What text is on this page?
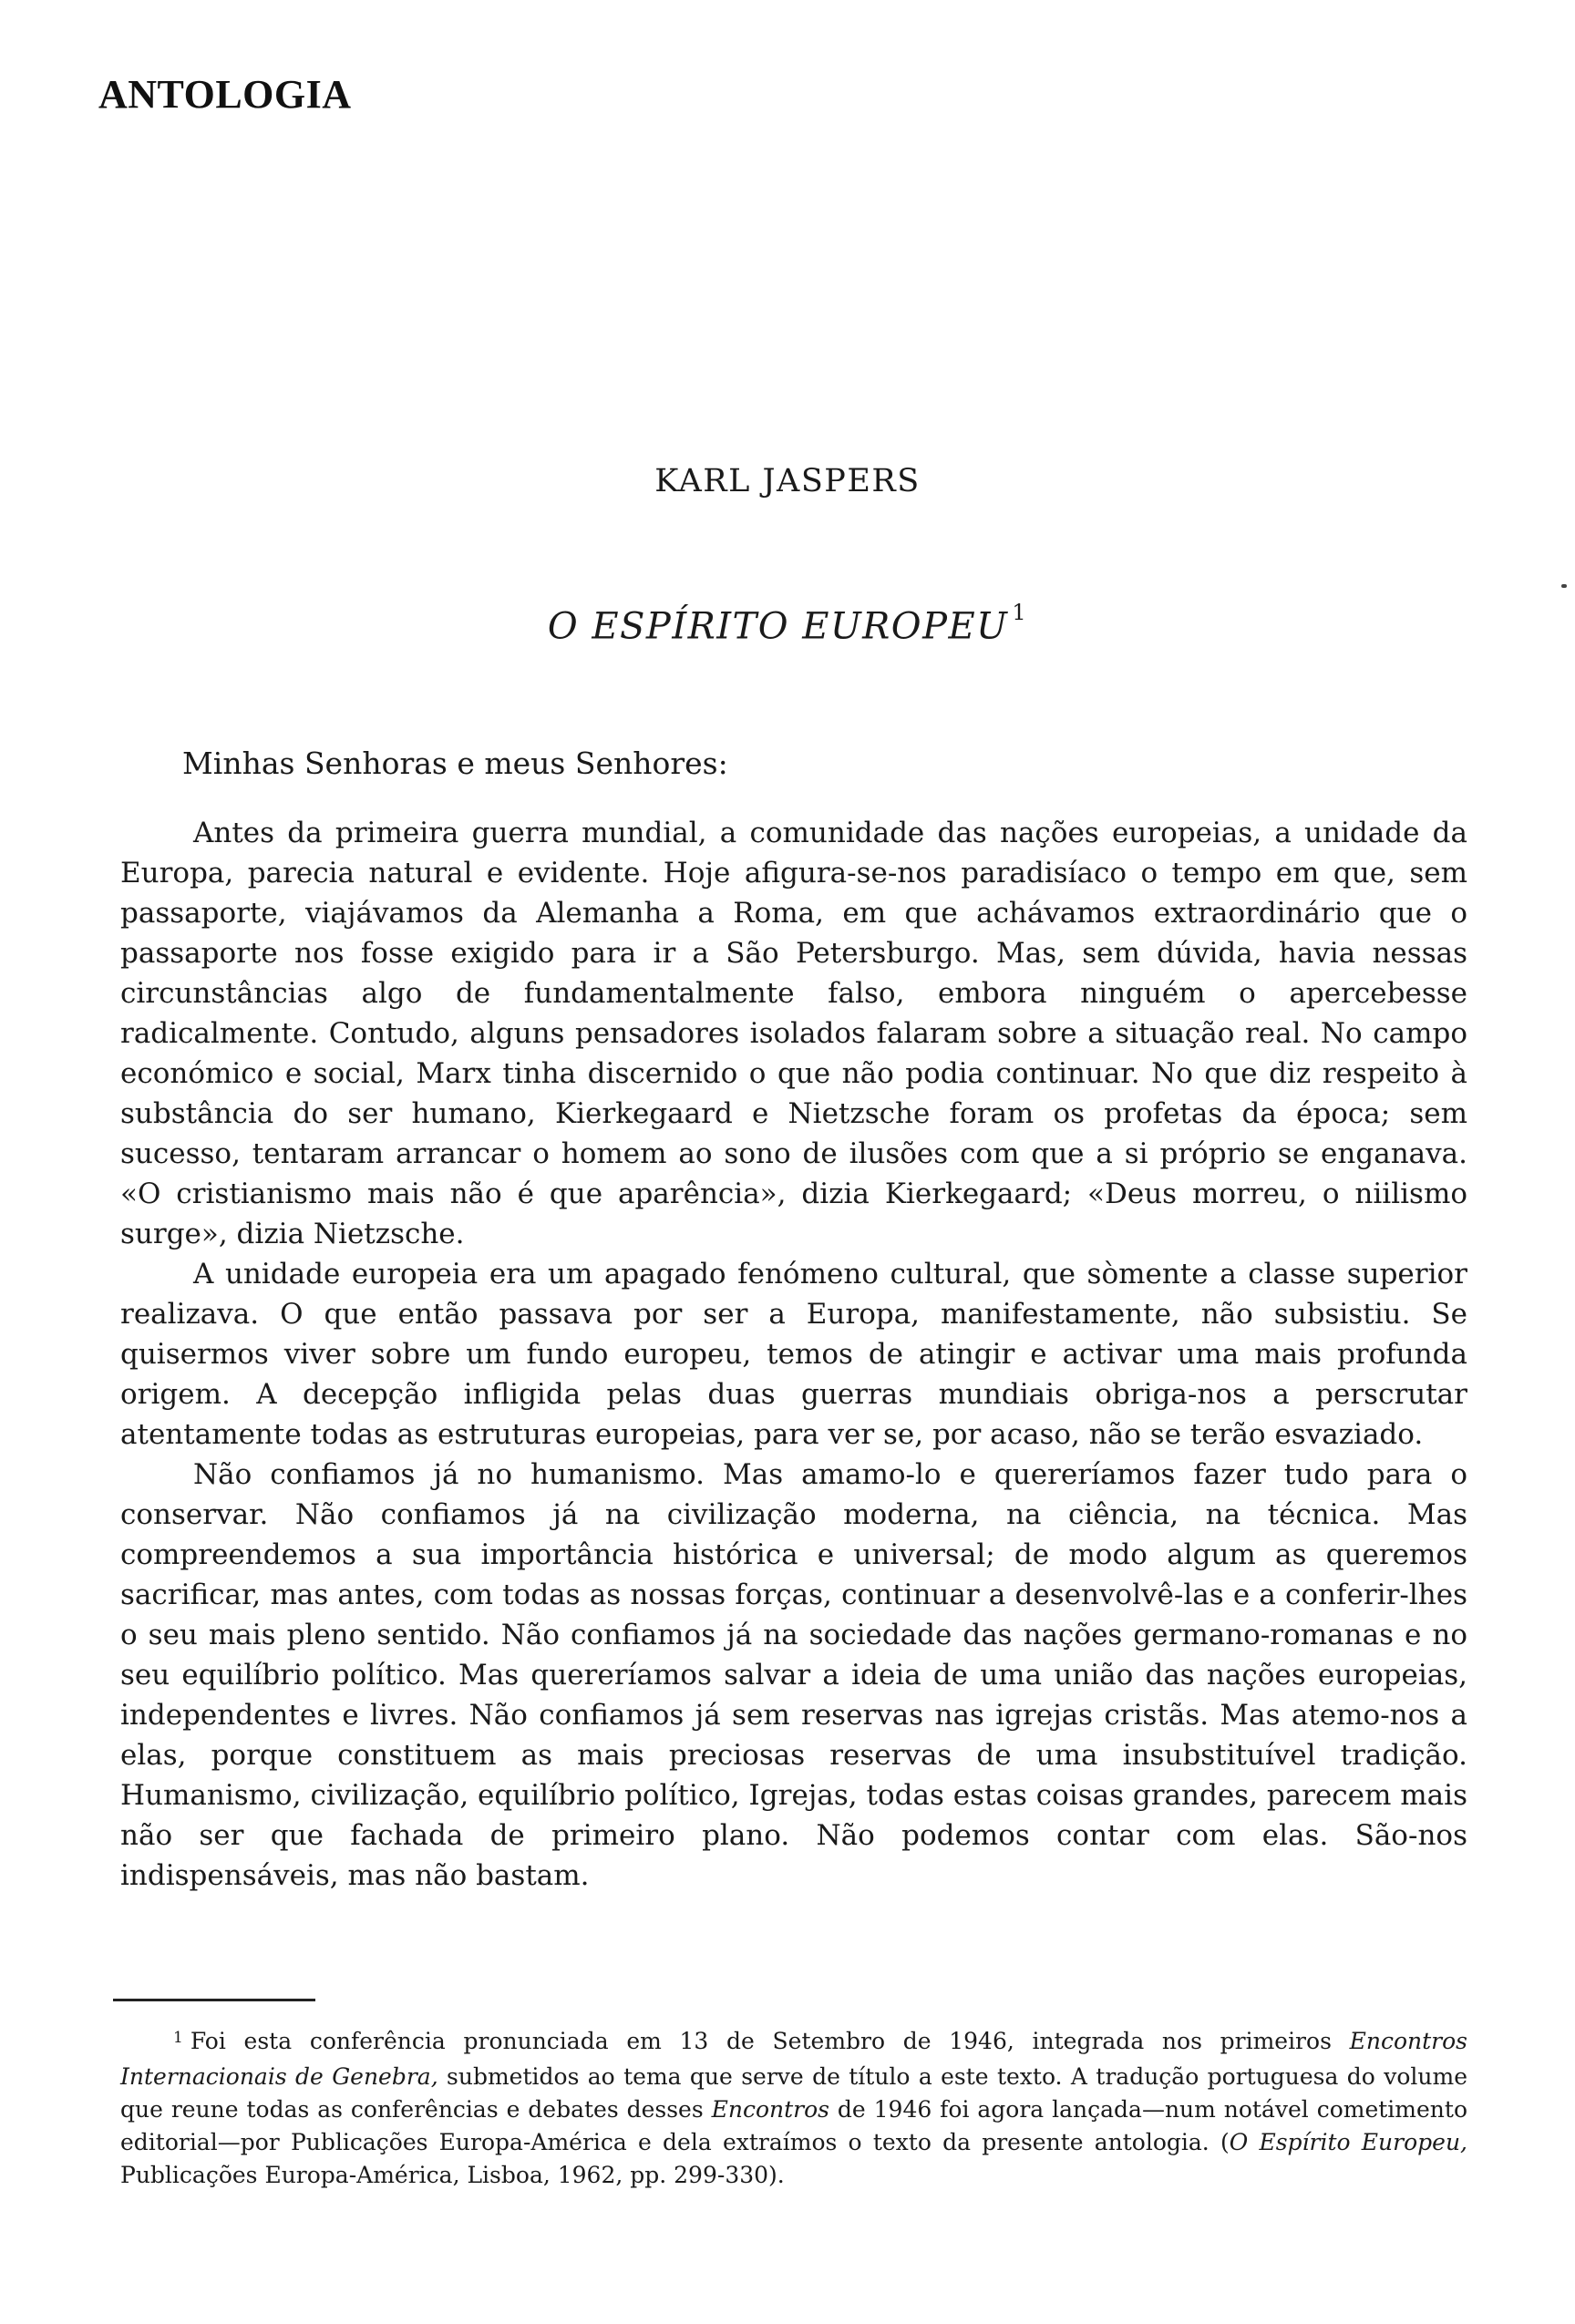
ANTOLOGIA
KARL JASPERS
O ESPÍRITO EUROPEU $^1$
Minhas Senhoras e meus Senhores:

Antes da primeira guerra mundial, a comunidade das nações europeias, a unidade da Europa, parecia natural e evidente. Hoje afigura-se-nos paradisíaco o tempo em que, sem passaporte, viajávamos da Alemanha a Roma, em que achávamos extraordinário que o passaporte nos fosse exigido para ir a São Petersburgo. Mas, sem dúvida, havia nessas circunstâncias algo de fundamentalmente falso, embora ninguém o apercebesse radicalmente. Contudo, alguns pensadores isolados falaram sobre a situação real. No campo económico e social, Marx tinha discernido o que não podia continuar. No que diz respeito à substância do ser humano, Kierkegaard e Nietzsche foram os profetas da época; sem sucesso, tentaram arrancar o homem ao sono de ilusões com que a si próprio se enganava. «O cristianismo mais não é que aparência», dizia Kierkegaard; «Deus morreu, o niilismo surge», dizia Nietzsche.

A unidade europeia era um apagado fenómeno cultural, que sòmente a classe superior realizava. O que então passava por ser a Europa, manifestamente, não subsistiu. Se quisermos viver sobre um fundo europeu, temos de atingir e activar uma mais profunda origem. A decepção infligida pelas duas guerras mundiais obriga-nos a perscrutar atentamente todas as estruturas europeias, para ver se, por acaso, não se terão esvaziado.

Não confiamos já no humanismo. Mas amamo-lo e quereríamos fazer tudo para o conservar. Não confiamos já na civilização moderna, na ciência, na técnica. Mas compreendemos a sua importância histórica e universal; de modo algum as queremos sacrificar, mas antes, com todas as nossas forças, continuar a desenvolvê-las e a conferir-lhes o seu mais pleno sentido. Não confiamos já na sociedade das nações germano-romanas e no seu equilíbrio político. Mas quereríamos salvar a ideia de uma união das nações europeias, independentes e livres. Não confiamos já sem reservas nas igrejas cristãs. Mas atemo-nos a elas, porque constituem as mais preciosas reservas de uma insubstituível tradição. Humanismo, civilização, equilíbrio político, Igrejas, todas estas coisas grandes, parecem mais não ser que fachada de primeiro plano. Não podemos contar com elas. São-nos indispensáveis, mas não bastam.

$^1$ Foi esta conferência pronunciada em 13 de Setembro de 1946, integrada nos primeiros Encontros Internacionais de Genebra, submetidos ao tema que serve de título a este texto. A tradução portuguesa do volume que reune todas as conferências e debates desses Encontros de 1946 foi agora lançada—num notável cometimento editorial—por Publicações Europa-América e dela extraímos o texto da presente antologia. (O Espírito Europeu, Publicações Europa-América, Lisboa, 1962, pp. 299-330).
